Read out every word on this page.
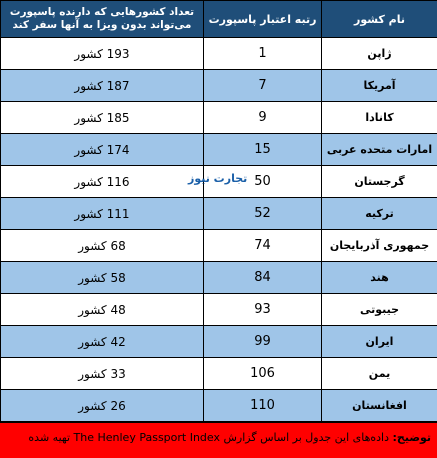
تعداد کشورهایی که دارنده پاسپورت می‌تواند بدون ویزا به آنها سفر کند	رتبه اعتبار پاسپورت	نام کشور

193 کشور	1	ژاپن

187 کشور	7	آمریکا

185 کشور	9	کانادا

174 کشور	15	امارات متحده عربی

116 کشور	50	گرجستان

111 کشور	52	ترکیه

68 کشور	74	جمهوری آذربایجان

58 کشور	84	هند

48 کشور	93	جیبوتی

42 کشور	99	ایران

33 کشور	106	یمن

26 کشور	110	افغانستان
تجارت نیوز
توضیح: داده‌های این جدول بر اساس گزارش The Henley Passport Index تهیه شده
